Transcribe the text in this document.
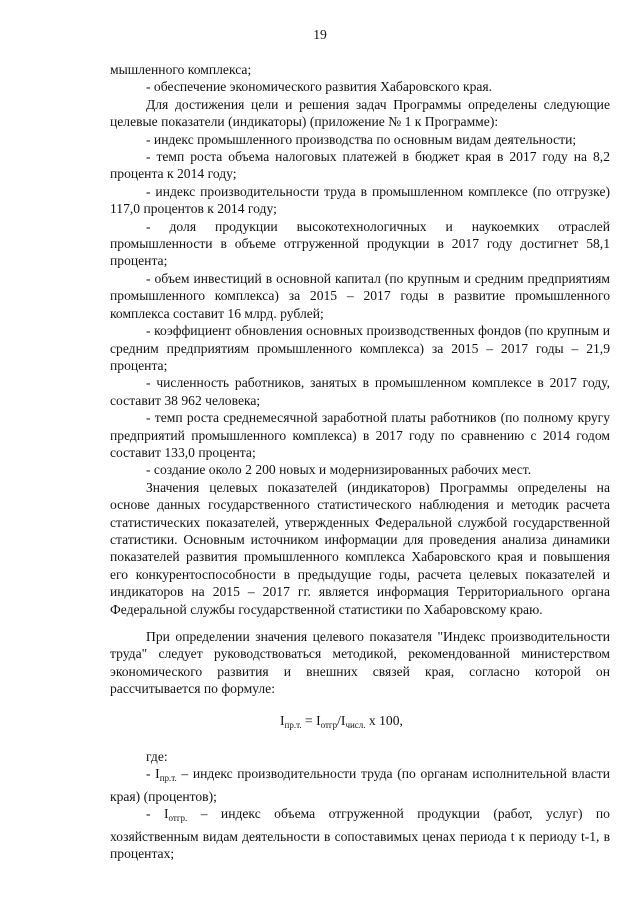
19

мышленного комплекса;

- обеспечение экономического развития Хабаровского края.

Для достижения цели и решения задач Программы определены следующие целевые показатели (индикаторы) (приложение № 1 к Программе):

- индекс промышленного производства по основным видам деятельности;

- темп роста объема налоговых платежей в бюджет края в 2017 году на 8,2 процента к 2014 году;

- индекс производительности труда в промышленном комплексе (по отгрузке) 117,0 процентов к 2014 году;

- доля продукции высокотехнологичных и наукоемких отраслей промышленности в объеме отгруженной продукции в 2017 году достигнет 58,1 процента;

- объем инвестиций в основной капитал (по крупным и средним предприятиям промышленного комплекса) за 2015 – 2017 годы в развитие промышленного комплекса составит 16 млрд. рублей;

- коэффициент обновления основных производственных фондов (по крупным и средним предприятиям промышленного комплекса) за 2015 – 2017 годы – 21,9 процента;

- численность работников, занятых в промышленном комплексе в 2017 году, составит 38 962 человека;

- темп роста среднемесячной заработной платы работников (по полному кругу предприятий промышленного комплекса) в 2017 году по сравнению с 2014 годом составит 133,0 процента;

- создание около 2 200 новых и модернизированных рабочих мест.

Значения целевых показателей (индикаторов) Программы определены на основе данных государственного статистического наблюдения и методик расчета статистических показателей, утвержденных Федеральной службой государственной статистики. Основным источником информации для проведения анализа динамики показателей развития промышленного комплекса Хабаровского края и повышения его конкурентоспособности в предыдущие годы, расчета целевых показателей и индикаторов на 2015 – 2017 гг. является информация Территориального органа Федеральной службы государственной статистики по Хабаровскому краю.

При определении значения целевого показателя "Индекс производительности труда" следует руководствоваться методикой, рекомендованной министерством экономического развития и внешних связей края, согласно которой он рассчитывается по формуле:

$I_{пр.т.} = I_{отгр}/I_{числ.}$ х 100,

где:

- $I_{пр.т.}$ – индекс производительности труда (по органам исполнительной власти края) (процентов);

- $I_{отгр.}$ – индекс объема отгруженной продукции (работ, услуг) по хозяйственным видам деятельности в сопоставимых ценах периода t к периоду t-1, в процентах;
